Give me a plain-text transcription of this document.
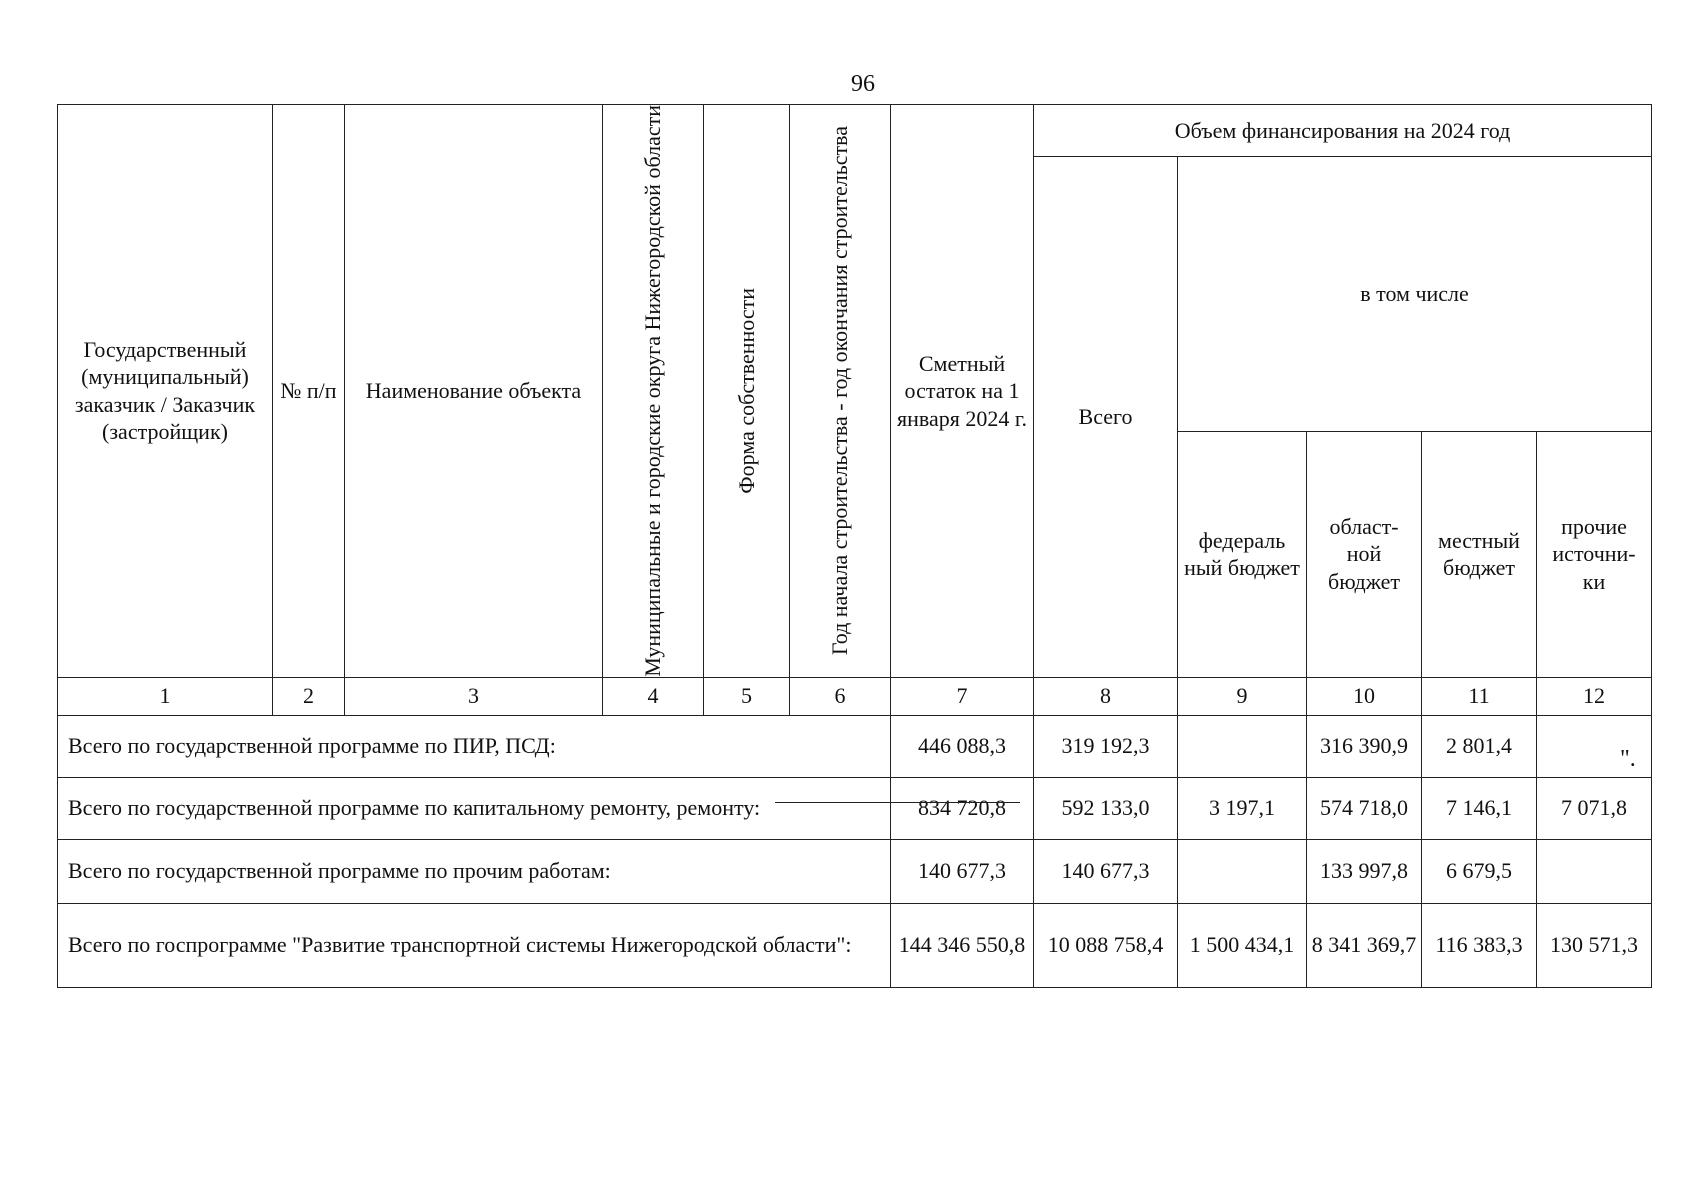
96
Государственный (муниципальный) заказчик / Заказчик (застройщик)	№ п/п	Наименование объекта	Муниципальные и городские округа Нижегородской области	Форма собственности	Год начала строительства - год окончания строительства	Сметный остаток на 1 января 2024 г.	Объем финансирования на 2024 год				
							Всего	в том числе			
								федераль ный бюджет	област- ной бюджет	местный бюджет	прочие источни- ки
1	2	3	4	5	6	7	8	9	10	11	12
Всего по государственной программе по ПИР, ПСД:						446 088,3	319 192,3		316 390,9	2 801,4	
Всего по государственной программе по капитальному ремонту, ремонту:						834 720,8	592 133,0	3 197,1	574 718,0	7 146,1	7 071,8
Всего по государственной программе по прочим работам:						140 677,3	140 677,3		133 997,8	6 679,5	
Всего по госпрограмме "Развитие транспортной системы Нижегородской области":						144 346 550,8	10 088 758,4	1 500 434,1	8 341 369,7	116 383,3	130 571,3
".
